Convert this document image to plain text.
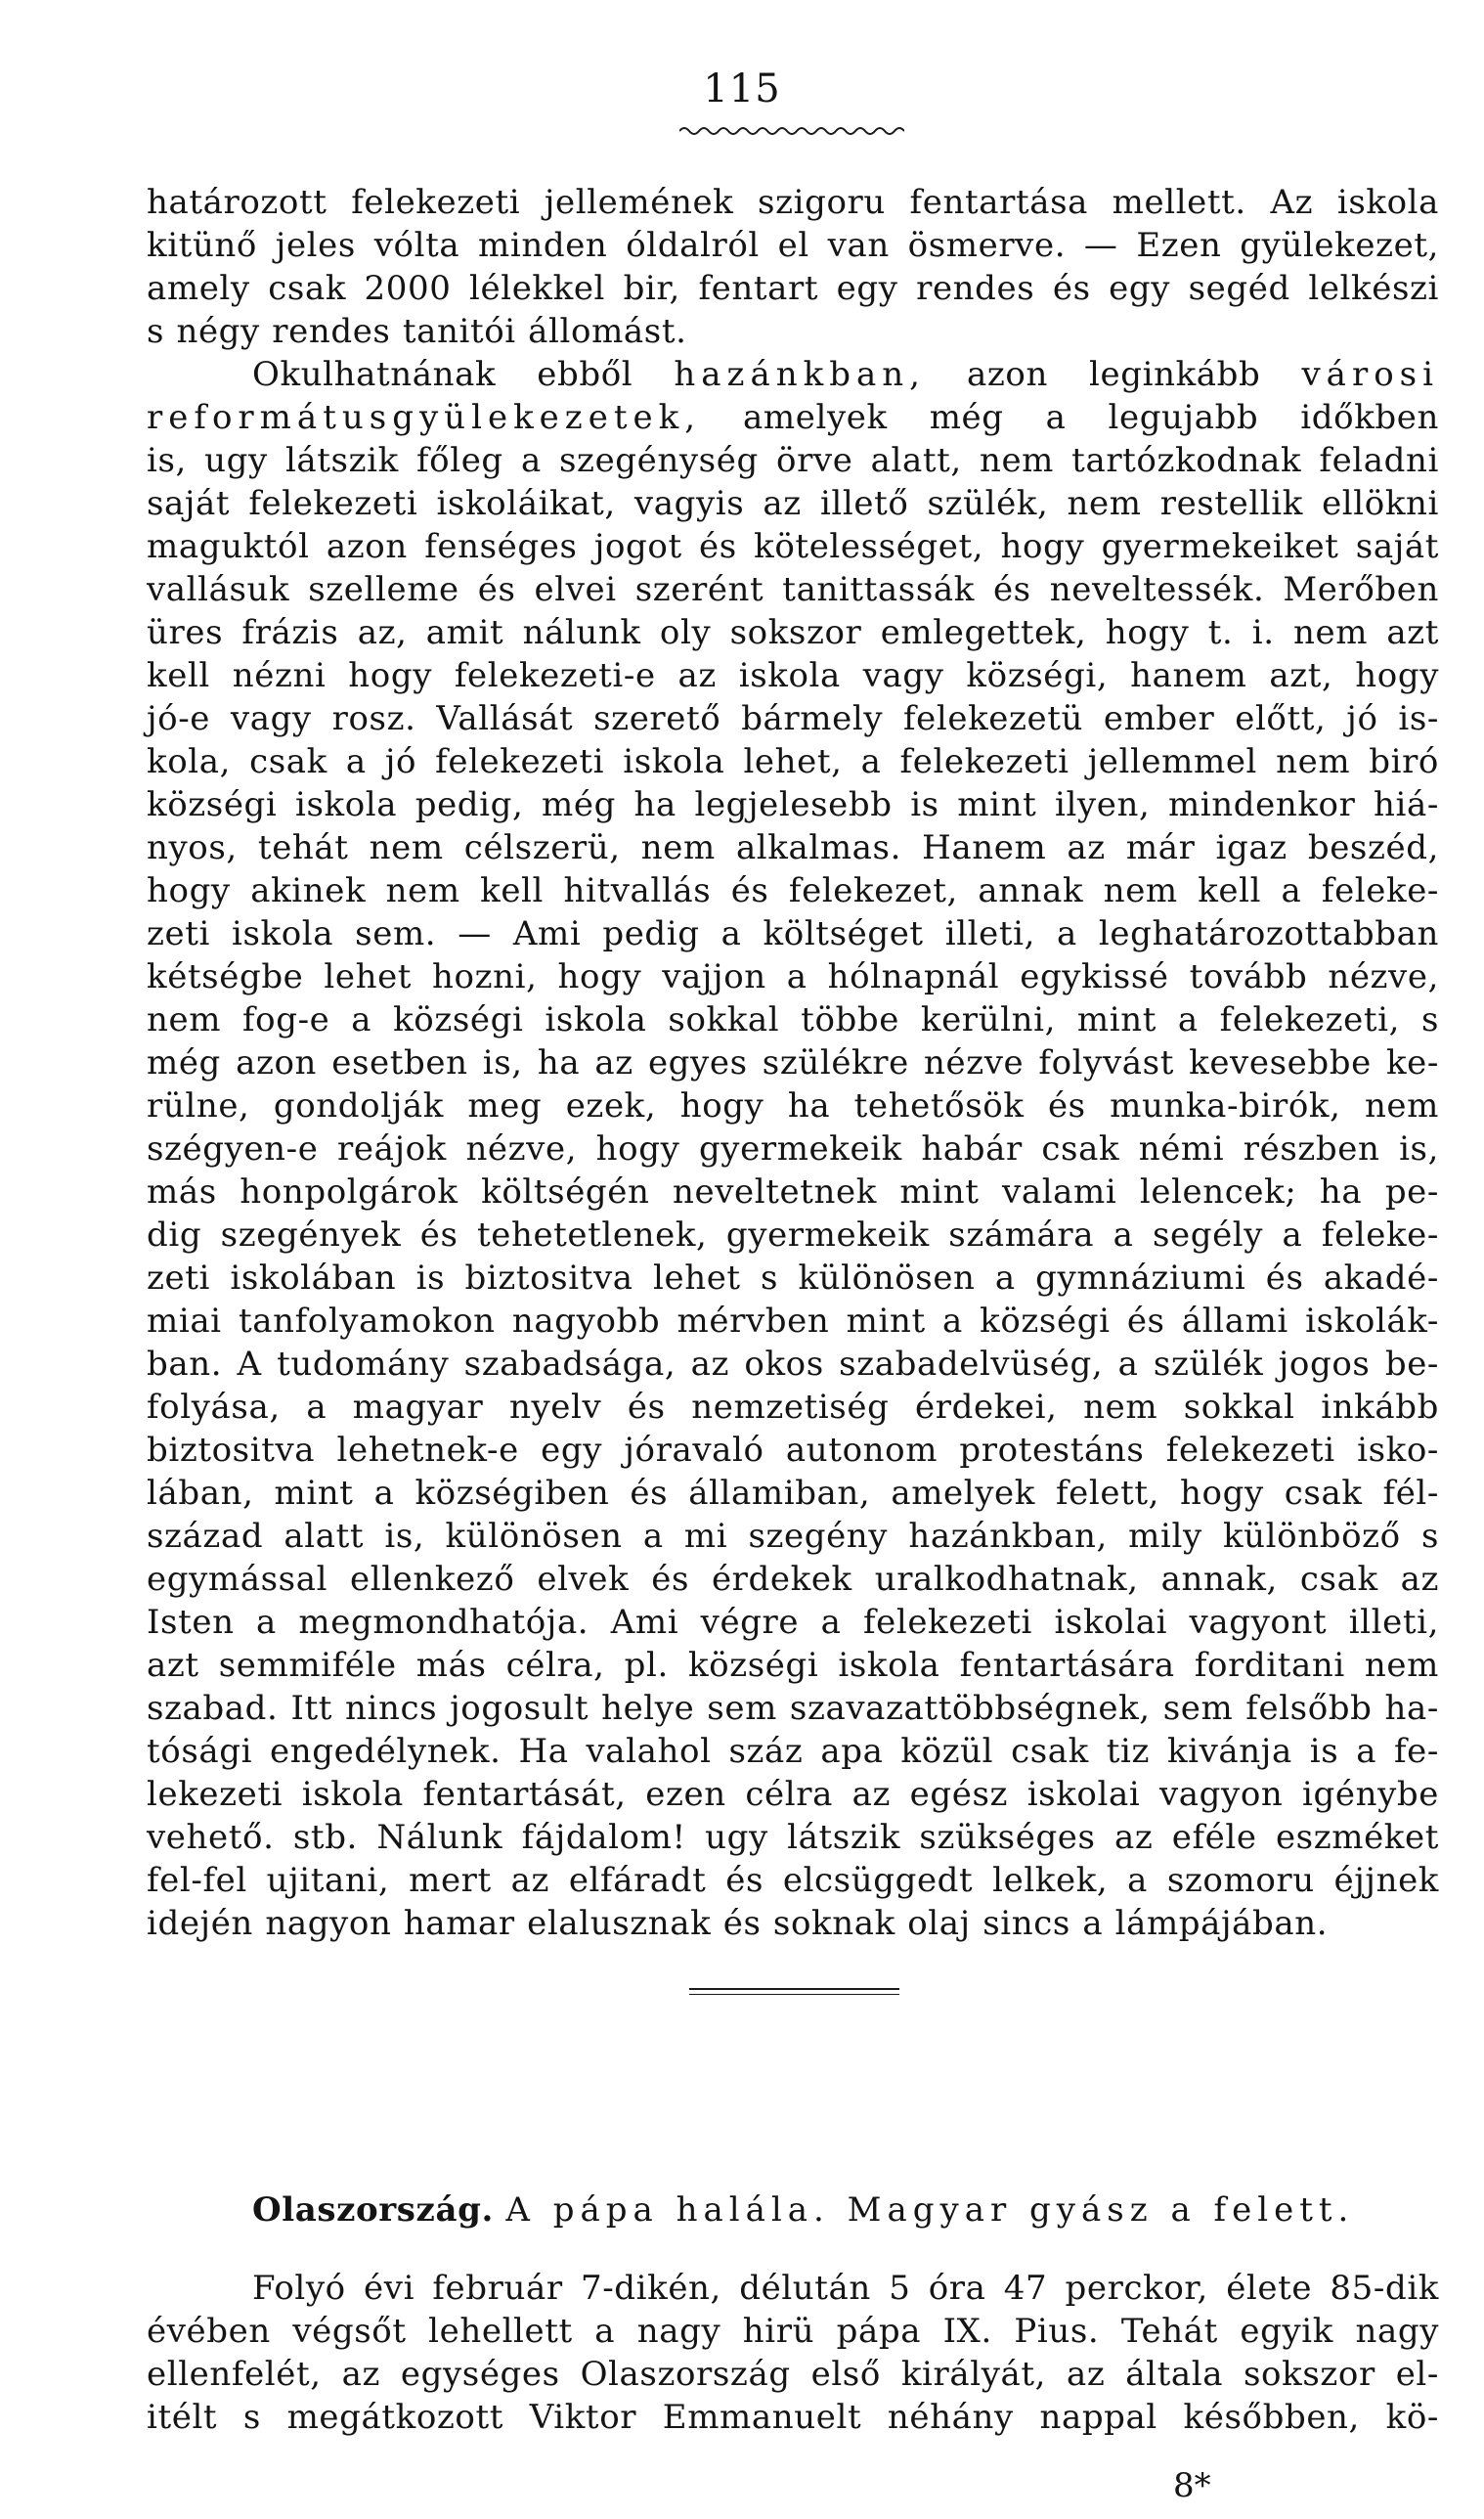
115
határozott felekezeti jellemének szigoru fentartása mellett. Az iskola
kitünő jeles vólta minden óldalról el van ösmerve. — Ezen gyülekezet,
amely csak 2000 lélekkel bir, fentart egy rendes és egy segéd lelkészi
s négy rendes tanitói állomást.
Okulhatnának ebből hazánkban, azon leginkább városi
reformátusgyülekezetek, amelyek még a legujabb időkben
is, ugy látszik főleg a szegénység örve alatt, nem tartózkodnak feladni
saját felekezeti iskoláikat, vagyis az illető szülék, nem restellik ellökni
maguktól azon fenséges jogot és kötelességet, hogy gyermekeiket saját
vallásuk szelleme és elvei szerént tanittassák és neveltessék. Merőben
üres frázis az, amit nálunk oly sokszor emlegettek, hogy t. i. nem azt
kell nézni hogy felekezeti-e az iskola vagy községi, hanem azt, hogy
jó-e vagy rosz. Vallását szerető bármely felekezetü ember előtt, jó is-
kola, csak a jó felekezeti iskola lehet, a felekezeti jellemmel nem biró
községi iskola pedig, még ha legjelesebb is mint ilyen, mindenkor hiá-
nyos, tehát nem célszerü, nem alkalmas. Hanem az már igaz beszéd,
hogy akinek nem kell hitvallás és felekezet, annak nem kell a feleke-
zeti iskola sem. — Ami pedig a költséget illeti, a leghatározottabban
kétségbe lehet hozni, hogy vajjon a hólnapnál egykissé tovább nézve,
nem fog-e a községi iskola sokkal többe kerülni, mint a felekezeti, s
még azon esetben is, ha az egyes szülékre nézve folyvást kevesebbe ke-
rülne, gondolják meg ezek, hogy ha tehetősök és munka-birók, nem
szégyen-e reájok nézve, hogy gyermekeik habár csak némi részben is,
más honpolgárok költségén neveltetnek mint valami lelencek; ha pe-
dig szegények és tehetetlenek, gyermekeik számára a segély a feleke-
zeti iskolában is biztositva lehet s különösen a gymnáziumi és akadé-
miai tanfolyamokon nagyobb mérvben mint a községi és állami iskolák-
ban. A tudomány szabadsága, az okos szabadelvüség, a szülék jogos be-
folyása, a magyar nyelv és nemzetiség érdekei, nem sokkal inkább
biztositva lehetnek-e egy jóravaló autonom protestáns felekezeti isko-
lában, mint a községiben és államiban, amelyek felett, hogy csak fél-
század alatt is, különösen a mi szegény hazánkban, mily különböző s
egymással ellenkező elvek és érdekek uralkodhatnak, annak, csak az
Isten a megmondhatója. Ami végre a felekezeti iskolai vagyont illeti,
azt semmiféle más célra, pl. községi iskola fentartására forditani nem
szabad. Itt nincs jogosult helye sem szavazattöbbségnek, sem felsőbb ha-
tósági engedélynek. Ha valahol száz apa közül csak tiz kivánja is a fe-
lekezeti iskola fentartását, ezen célra az egész iskolai vagyon igénybe
vehető. stb. Nálunk fájdalom! ugy látszik szükséges az eféle eszméket
fel-fel ujitani, mert az elfáradt és elcsüggedt lelkek, a szomoru éjjnek
idején nagyon hamar elalusznak és soknak olaj sincs a lámpájában.
Olaszország. A pápa halála. Magyar gyász a felett.
Folyó évi február 7-dikén, délután 5 óra 47 perckor, élete 85-dik
évében végsőt lehellett a nagy hirü pápa IX. Pius. Tehát egyik nagy
ellenfelét, az egységes Olaszország első királyát, az általa sokszor el-
itélt s megátkozott Viktor Emmanuelt néhány nappal későbben, kö-
8*
